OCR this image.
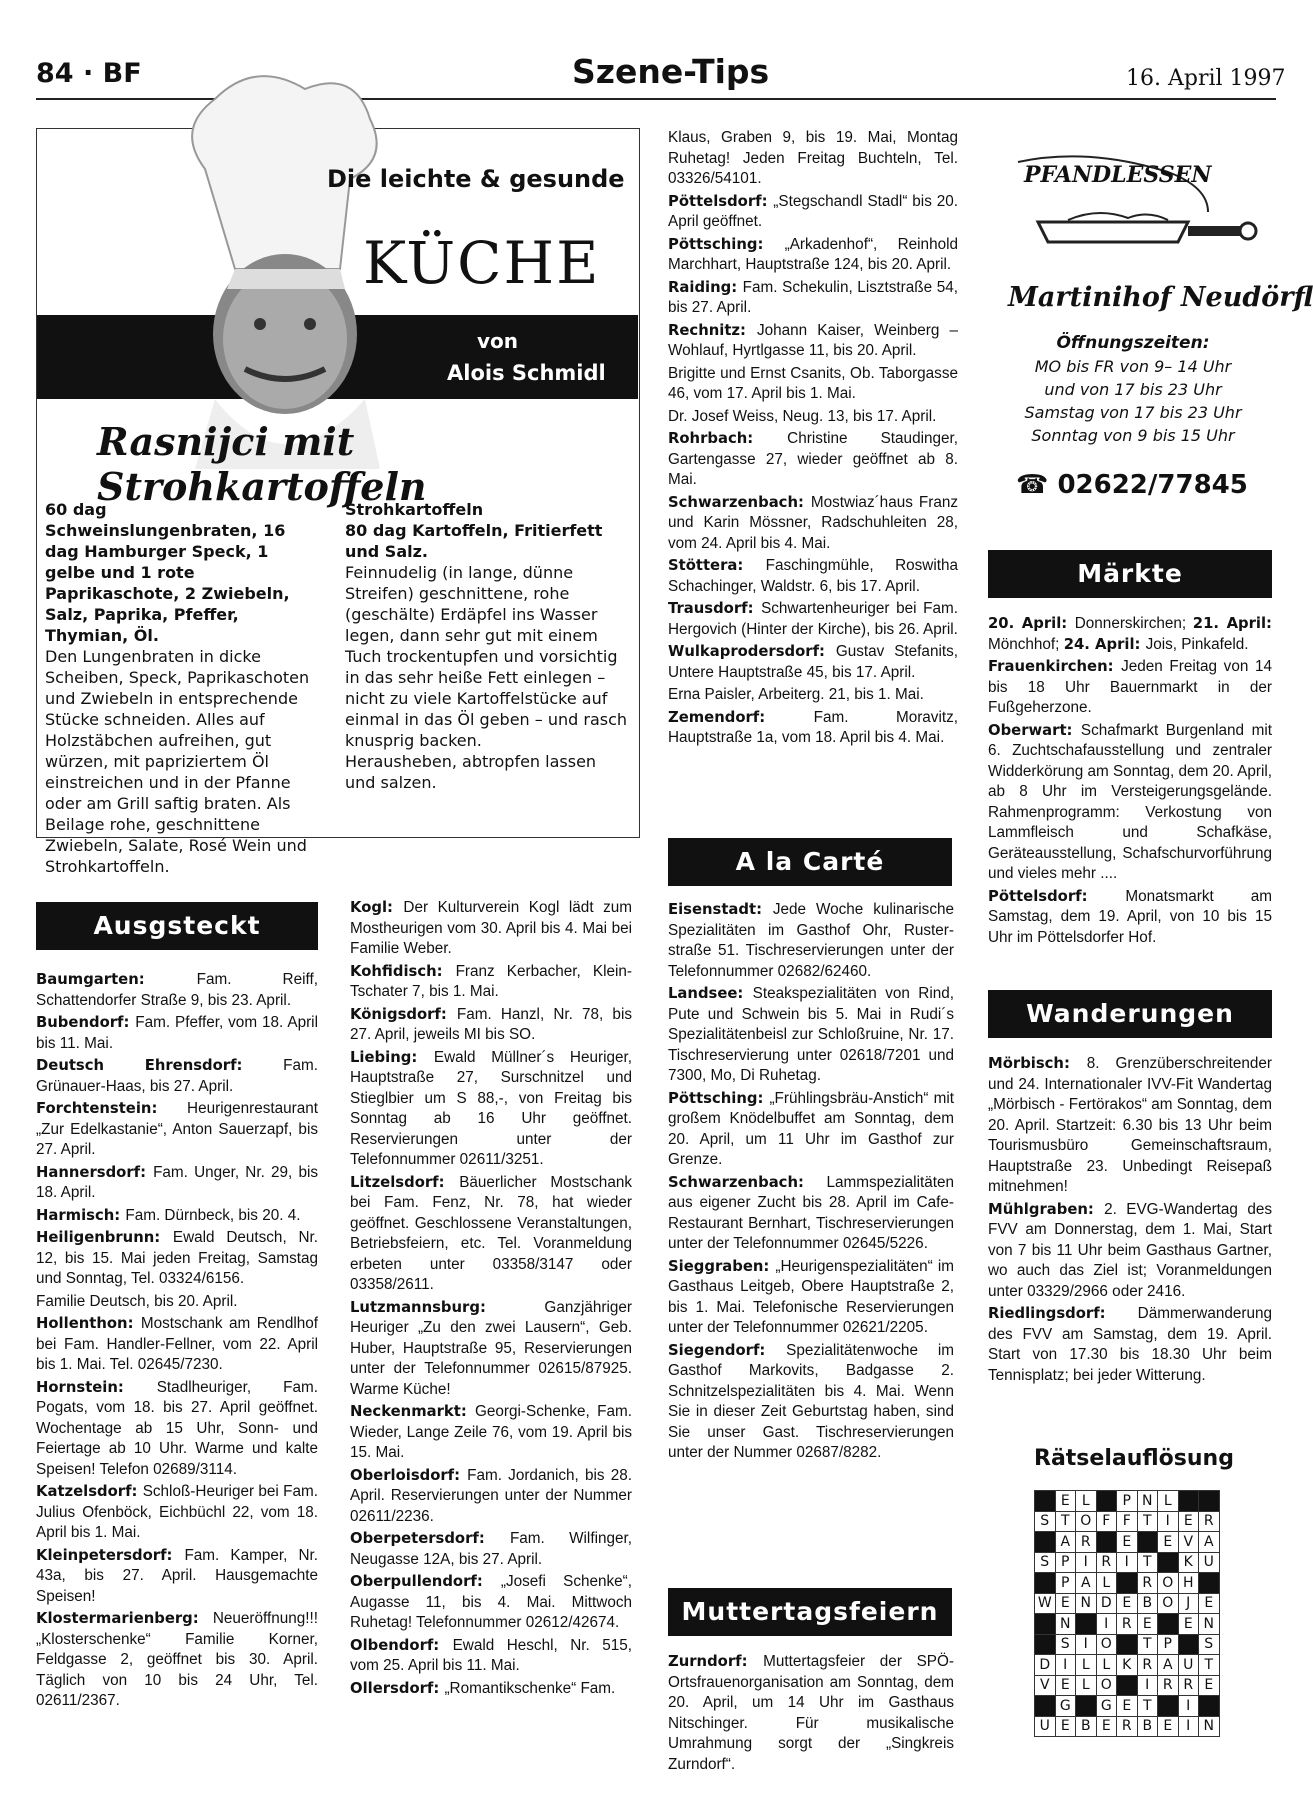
84 · BF	Szene-Tips	16. April 1997
Die leichte & gesunde
KÜCHE
von
Alois Schmidl
Rasnijci mit Strohkartoffeln

60 dag Schweinslungenbraten, 16 dag Hamburger Speck, 1 gelbe und 1 rote Paprikaschote, 2 Zwiebeln, Salz, Paprika, Pfeffer, Thymian, Öl.

Den Lungenbraten in dicke Scheiben, Speck, Paprikaschoten und Zwiebeln in entsprechende Stücke schneiden. Alles auf Holzstäbchen aufreihen, gut würzen, mit papriziertem Öl einstreichen und in der Pfanne oder am Grill saftig braten. Als Beilage rohe, geschnittene Zwiebeln, Salate, Rosé Wein und Strohkartoffeln.

Strohkartoffeln

80 dag Kartoffeln, Fritierfett und Salz.

Feinnudelig (in lange, dünne Streifen) geschnittene, rohe (geschälte) Erdäpfel ins Wasser legen, dann sehr gut mit einem Tuch trockentupfen und vorsichtig in das sehr heiße Fett einlegen – nicht zu viele Kartoffelstücke auf einmal in das Öl geben – und rasch knusprig backen.

Herausheben, abtropfen lassen und salzen.

Ausgsteckt

Baumgarten: Fam. Reiff, Schattendorfer Straße 9, bis 23. April.

Bubendorf: Fam. Pfeffer, vom 18. April bis 11. Mai.

Deutsch Ehrensdorf: Fam. Grünauer-Haas, bis 27. April.

Forchtenstein: Heurigenrestaurant „Zur Edelkastanie“, Anton Sauerzapf, bis 27. April.

Hannersdorf: Fam. Unger, Nr. 29, bis 18. April.

Harmisch: Fam. Dürnbeck, bis 20. 4.

Heiligenbrunn: Ewald Deutsch, Nr. 12, bis 15. Mai jeden Freitag, Samstag und Sonntag, Tel. 03324/6156.

Familie Deutsch, bis 20. April.

Hollenthon: Mostschank am Rendlhof bei Fam. Handler-Fellner, vom 22. April bis 1. Mai. Tel. 02645/7230.

Hornstein: Stadlheuriger, Fam. Pogats, vom 18. bis 27. April geöffnet. Wochentage ab 15 Uhr, Sonn- und Feiertage ab 10 Uhr. Warme und kalte Speisen! Telefon 02689/3114.

Katzelsdorf: Schloß-Heuriger bei Fam. Julius Ofenböck, Eichbüchl 22, vom 18. April bis 1. Mai.

Kleinpetersdorf: Fam. Kamper, Nr. 43a, bis 27. April. Hausgemachte Speisen!

Klostermarienberg: Neueröffnung!!! „Klosterschenke“ Familie Korner, Feldgasse 2, geöffnet bis 30. April. Täglich von 10 bis 24 Uhr, Tel. 02611/2367.

Kogl: Der Kulturverein Kogl lädt zum Mostheurigen vom 30. April bis 4. Mai bei Familie Weber.

Kohfidisch: Franz Kerbacher, Klein-Tschater 7, bis 1. Mai.

Königsdorf: Fam. Hanzl, Nr. 78, bis 27. April, jeweils MI bis SO.

Liebing: Ewald Müllner´s Heuriger, Hauptstraße 27, Surschnitzel und Stieglbier um S 88,-, von Freitag bis Sonntag ab 16 Uhr geöffnet. Reservierungen unter der Telefonnummer 02611/3251.

Litzelsdorf: Bäuerlicher Mostschank bei Fam. Fenz, Nr. 78, hat wieder geöffnet. Geschlossene Veranstaltungen, Betriebsfeiern, etc. Tel. Voranmeldung erbeten unter 03358/3147 oder 03358/2611.

Lutzmannsburg: Ganzjähriger Heuriger „Zu den zwei Lausern“, Geb. Huber, Hauptstraße 95, Reservierungen unter der Telefonnummer 02615/87925. Warme Küche!

Neckenmarkt: Georgi-Schenke, Fam. Wieder, Lange Zeile 76, vom 19. April bis 15. Mai.

Oberloisdorf: Fam. Jordanich, bis 28. April. Reservierungen unter der Nummer 02611/2236.

Oberpetersdorf: Fam. Wilfinger, Neugasse 12A, bis 27. April.

Oberpullendorf: „Josefi Schenke“, Augasse 11, bis 4. Mai. Mittwoch Ruhetag! Telefonnummer 02612/42674.

Olbendorf: Ewald Heschl, Nr. 515, vom 25. April bis 11. Mai.

Ollersdorf: „Romantikschenke“ Fam.

Klaus, Graben 9, bis 19. Mai, Montag Ruhetag! Jeden Freitag Buchteln, Tel. 03326/54101.

Pöttelsdorf: „Stegschandl Stadl“ bis 20. April geöffnet.

Pöttsching: „Arkadenhof“, Reinhold Marchhart, Hauptstraße 124, bis 20. April.

Raiding: Fam. Schekulin, Lisztstraße 54, bis 27. April.

Rechnitz: Johann Kaiser, Weinberg – Wohlauf, Hyrtlgasse 11, bis 20. April.

Brigitte und Ernst Csanits, Ob. Taborgasse 46, vom 17. April bis 1. Mai.

Dr. Josef Weiss, Neug. 13, bis 17. April.

Rohrbach: Christine Staudinger, Gartengasse 27, wieder geöffnet ab 8. Mai.

Schwarzenbach: Mostwiaz´haus Franz und Karin Mössner, Radschuhleiten 28, vom 24. April bis 4. Mai.

Stöttera: Faschingmühle, Roswitha Schachinger, Waldstr. 6, bis 17. April.

Trausdorf: Schwartenheuriger bei Fam. Hergovich (Hinter der Kirche), bis 26. April.

Wulkaprodersdorf: Gustav Stefanits, Untere Hauptstraße 45, bis 17. April.

Erna Paisler, Arbeiterg. 21, bis 1. Mai.

Zemendorf: Fam. Moravitz, Hauptstraße 1a, vom 18. April bis 4. Mai.

A la Carté

Eisenstadt: Jede Woche kulinarische Spezialitäten im Gasthof Ohr, Ruster-straße 51. Tischreservierungen unter der Telefonnummer 02682/62460.

Landsee: Steakspezialitäten von Rind, Pute und Schwein bis 5. Mai in Rudi´s Spezialitätenbeisl zur Schloßruine, Nr. 17. Tischreservierung unter 02618/7201 und 7300, Mo, Di Ruhetag.

Pöttsching: „Frühlingsbräu-Anstich“ mit großem Knödelbuffet am Sonntag, dem 20. April, um 11 Uhr im Gasthof zur Grenze.

Schwarzenbach: Lammspezialitäten aus eigener Zucht bis 28. April im Cafe-Restaurant Bernhart, Tischreservierungen unter der Telefonnummer 02645/5226.

Sieggraben: „Heurigenspezialitäten“ im Gasthaus Leitgeb, Obere Hauptstraße 2, bis 1. Mai. Telefonische Reservierungen unter der Telefonnummer 02621/2205.

Siegendorf: Spezialitätenwoche im Gasthof Markovits, Badgasse 2. Schnitzelspezialitäten bis 4. Mai. Wenn Sie in dieser Zeit Geburtstag haben, sind Sie unser Gast. Tischreservierungen unter der Nummer 02687/8282.

Muttertagsfeiern

Zurndorf: Muttertagsfeier der SPÖ-Ortsfrauenorganisation am Sonntag, dem 20. April, um 14 Uhr im Gasthaus Nitschinger. Für musikalische Umrahmung sorgt der „Singkreis Zurndorf“.

PFANDLESSEN
Martinihof Neudörfl
Öffnungszeiten:
MO bis FR von 9– 14 Uhr
und von 17 bis 23 Uhr
Samstag von 17 bis 23 Uhr
Sonntag von 9 bis 15 Uhr
☎ 02622/77845
Märkte

20. April: Donnerskirchen; 21. April: Mönchhof; 24. April: Jois, Pinkafeld.

Frauenkirchen: Jeden Freitag von 14 bis 18 Uhr Bauernmarkt in der Fußgeherzone.

Oberwart: Schafmarkt Burgenland mit 6. Zuchtschafausstellung und zentraler Widderkörung am Sonntag, dem 20. April, ab 8 Uhr im Versteigerungsgelände. Rahmenprogramm: Verkostung von Lammfleisch und Schafkäse, Geräteausstellung, Schafschurvorführung und vieles mehr ....

Pöttelsdorf: Monatsmarkt am Samstag, dem 19. April, von 10 bis 15 Uhr im Pöttelsdorfer Hof.

Wanderungen

Mörbisch: 8. Grenzüberschreitender und 24. Internationaler IVV-Fit Wandertag „Mörbisch - Fertörakos“ am Sonntag, dem 20. April. Startzeit: 6.30 bis 13 Uhr beim Tourismusbüro Gemeinschaftsraum, Hauptstraße 23. Unbedingt Reisepaß mitnehmen!

Mühlgraben: 2. EVG-Wandertag des FVV am Donnerstag, dem 1. Mai, Start von 7 bis 11 Uhr beim Gasthaus Gartner, wo auch das Ziel ist; Voranmeldungen unter 03329/2966 oder 2416.

Riedlingsdorf: Dämmerwanderung des FVV am Samstag, dem 19. April. Start von 17.30 bis 18.30 Uhr beim Tennisplatz; bei jeder Witterung.

Rätselauflösung
	E	L		P	N	L		
S	T	O	F	F	T	I	E	R
	A	R		E		E	V	A
S	P	I	R	I	T		K	U
	P	A	L		R	O	H	
W	E	N	D	E	B	O	J	E
	N		I	R	E		E	N
	S	I	O		T	P		S
D	I	L	L	K	R	A	U	T
V	E	L	O		I	R	R	E
	G		G	E	T		I	
U	E	B	E	R	B	E	I	N
